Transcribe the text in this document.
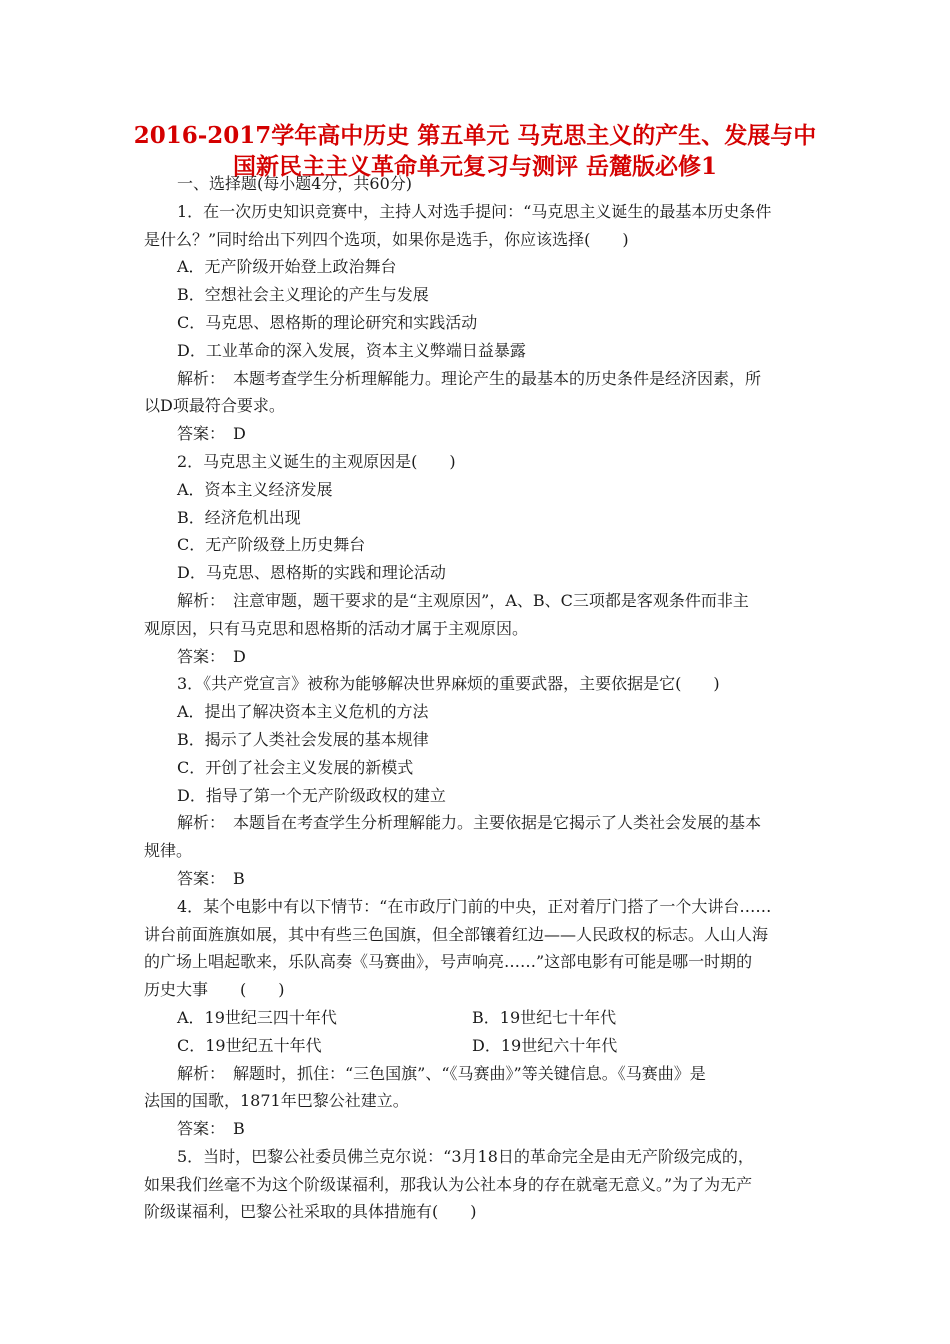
2016-2017学年高中历史 第五单元 马克思主义的产生、发展与中
国新民主主义革命单元复习与测评 岳麓版必修1
一、选择题(每小题4分，共60分)
1．在一次历史知识竞赛中，主持人对选手提问：“马克思主义诞生的最基本历史条件
是什么？”同时给出下列四个选项，如果你是选手，你应该选择(　　)
A．无产阶级开始登上政治舞台
B．空想社会主义理论的产生与发展
C．马克思、恩格斯的理论研究和实践活动
D．工业革命的深入发展，资本主义弊端日益暴露
解析：　本题考查学生分析理解能力。理论产生的最基本的历史条件是经济因素，所
以D项最符合要求。
答案：　D
2．马克思主义诞生的主观原因是(　　)
A．资本主义经济发展
B．经济危机出现
C．无产阶级登上历史舞台
D．马克思、恩格斯的实践和理论活动
解析：　注意审题，题干要求的是“主观原因”，A、B、C三项都是客观条件而非主
观原因，只有马克思和恩格斯的活动才属于主观原因。
答案：　D
3．《共产党宣言》被称为能够解决世界麻烦的重要武器，主要依据是它(　　)
A．提出了解决资本主义危机的方法
B．揭示了人类社会发展的基本规律
C．开创了社会主义发展的新模式
D．指导了第一个无产阶级政权的建立
解析：　本题旨在考查学生分析理解能力。主要依据是它揭示了人类社会发展的基本
规律。
答案：　B
4．某个电影中有以下情节：“在市政厅门前的中央，正对着厅门搭了一个大讲台……
讲台前面旌旗如展，其中有些三色国旗，但全部镶着红边——人民政权的标志。人山人海
的广场上唱起歌来，乐队高奏《马赛曲》，号声响亮……”这部电影有可能是哪一时期的
历史大事　　(　　)
A．19世纪三四十年代	B．19世纪七十年代
C．19世纪五十年代	D．19世纪六十年代
解析：　解题时，抓住：“三色国旗”、“《马赛曲》”等关键信息。《马赛曲》是
法国的国歌，1871年巴黎公社建立。
答案：　B
5．当时，巴黎公社委员佛兰克尔说：“3月18日的革命完全是由无产阶级完成的，
如果我们丝毫不为这个阶级谋福利，那我认为公社本身的存在就毫无意义。”为了为无产
阶级谋福利，巴黎公社采取的具体措施有(　　)
